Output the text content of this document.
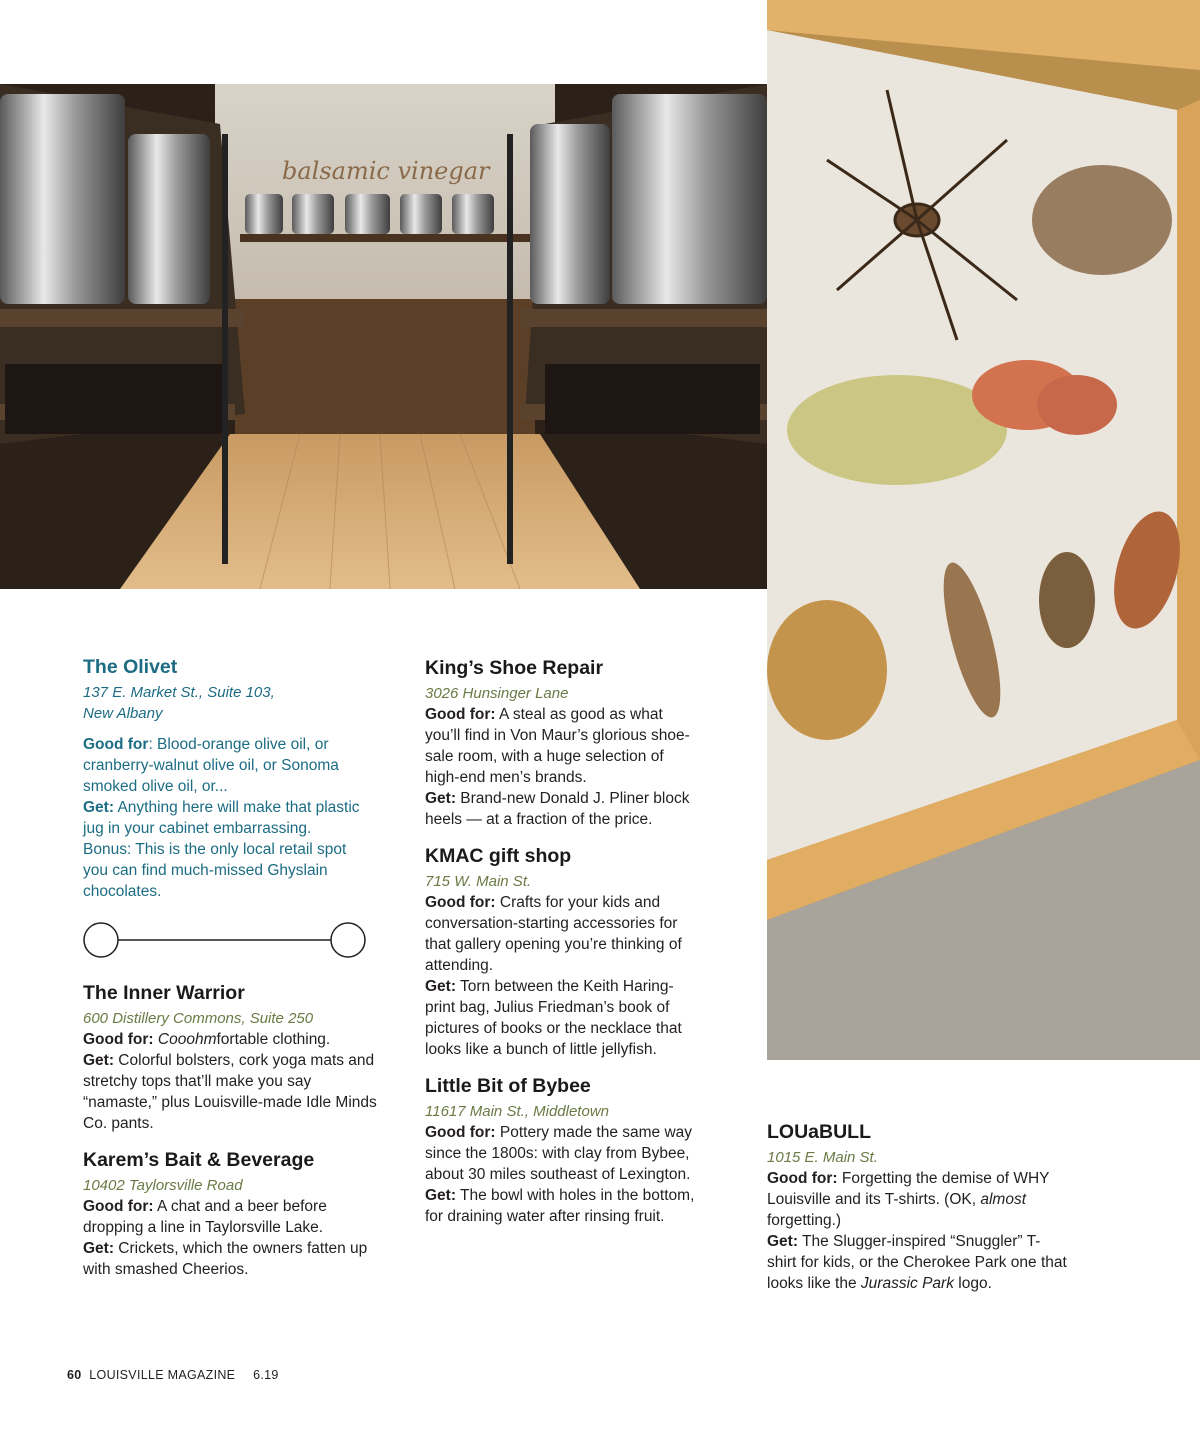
balsamic vinegar
The Olivet
137 E. Market St., Suite 103,
New Albany

Good for: Blood-orange olive oil, or cranberry-walnut olive oil, or Sonoma smoked olive oil, or...

Get: Anything here will make that plastic jug in your cabinet embarrassing. Bonus: This is the only local retail spot you can find much-missed Ghyslain chocolates.

The Inner Warrior
600 Distillery Commons, Suite 250

Good for: Cooohmfortable clothing.

Get: Colorful bolsters, cork yoga mats and stretchy tops that’ll make you say “namaste,” plus Louisville-made Idle Minds Co. pants.

Karem’s Bait & Beverage
10402 Taylorsville Road

Good for: A chat and a beer before dropping a line in Taylorsville Lake.

Get: Crickets, which the owners fatten up with smashed Cheerios.

King’s Shoe Repair
3026 Hunsinger Lane

Good for: A steal as good as what you’ll find in Von Maur’s glorious shoe-sale room, with a huge selection of high-end men’s brands.

Get: Brand-new Donald J. Pliner block heels — at a fraction of the price.

KMAC gift shop
715 W. Main St.

Good for: Crafts for your kids and conversation-starting accessories for that gallery opening you’re thinking of attending.

Get: Torn between the Keith Haring-print bag, Julius Friedman’s book of pictures of books or the necklace that looks like a bunch of little jellyfish.

Little Bit of Bybee
11617 Main St., Middletown

Good for: Pottery made the same way since the 1800s: with clay from Bybee, about 30 miles southeast of Lexington.

Get: The bowl with holes in the bottom, for draining water after rinsing fruit.

LOUaBULL
1015 E. Main St.

Good for: Forgetting the demise of WHY Louisville and its T-shirts. (OK, almost forgetting.)

Get: The Slugger-inspired “Snuggler” T-shirt for kids, or the Cherokee Park one that looks like the Jurassic Park logo.

60 LOUISVILLE MAGAZINE 6.19
